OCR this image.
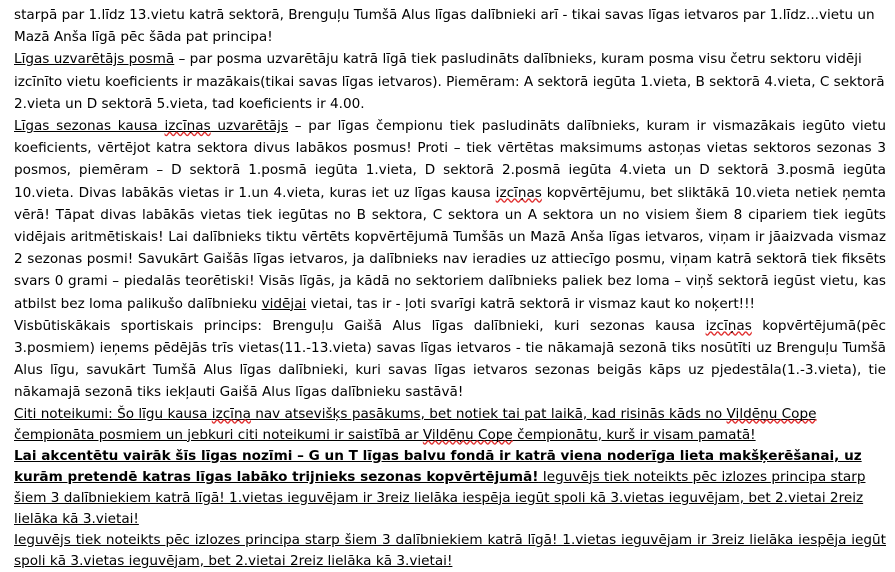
starpā par 1.līdz 13.vietu katrā sektorā, Brenguļu Tumšā Alus līgas dalībnieki arī - tikai savas līgas ietvaros par 1.līdz...vietu un Mazā Anša līgā pēc šāda pat principa!

Līgas uzvarētājs posmā – par posma uzvarētāju katrā līgā tiek pasludināts dalībnieks, kuram posma visu četru sektoru vidēji izcīnīto vietu koeficients ir mazākais(tikai savas līgas ietvaros). Piemēram: A sektorā iegūta 1.vieta, B sektorā 4.vieta, C sektorā 2.vieta un D sektorā 5.vieta, tad koeficients ir 4.00.

Līgas sezonas kausa izcīņas uzvarētājs – par līgas čempionu tiek pasludināts dalībnieks, kuram ir vismazākais iegūto vietu koeficients, vērtējot katra sektora divus labākos posmus! Proti – tiek vērtētas maksimums astoņas vietas sektoros sezonas 3 posmos, piemēram – D sektorā 1.posmā iegūta 1.vieta, D sektorā 2.posmā iegūta 4.vieta un D sektorā 3.posmā iegūta 10.vieta. Divas labākās vietas ir 1.un 4.vieta, kuras iet uz līgas kausa izcīņas kopvērtējumu, bet sliktākā 10.vieta netiek ņemta vērā! Tāpat divas labākās vietas tiek iegūtas no B sektora, C sektora un A sektora un no visiem šiem 8 cipariem tiek iegūts vidējais aritmētiskais! Lai dalībnieks tiktu vērtēts kopvērtējumā Tumšās un Mazā Anša līgas ietvaros, viņam ir jāaizvada vismaz 2 sezonas posmi! Savukārt Gaišās līgas ietvaros, ja dalībnieks nav ieradies uz attiecīgo posmu, viņam katrā sektorā tiek fiksēts svars 0 grami – piedalās teorētiski! Visās līgās, ja kādā no sektoriem dalībnieks paliek bez loma – viņš sektorā iegūst vietu, kas atbilst bez loma palikušo dalībnieku vidējai vietai, tas ir - ļoti svarīgi katrā sektorā ir vismaz kaut ko noķert!!!

Visbūtiskākais sportiskais princips: Brenguļu Gaišā Alus līgas dalībnieki, kuri sezonas kausa izcīņas kopvērtējumā(pēc 3.posmiem) ieņems pēdējās trīs vietas(11.-13.vieta) savas līgas ietvaros - tie nākamajā sezonā tiks nosūtīti uz Brenguļu Tumšā Alus līgu, savukārt Tumšā Alus līgas dalībnieki, kuri savas līgas ietvaros sezonas beigās kāps uz pjedestāla(1.-3.vieta), tie nākamajā sezonā tiks iekļauti Gaišā Alus līgas dalībnieku sastāvā!

Citi noteikumi: Šo līgu kausa izcīņa nav atsevišķs pasākums, bet notiek tai pat laikā, kad risinās kāds no Vildēņu Cope čempionāta posmiem un jebkuri citi noteikumi ir saistībā ar Vildēņu Cope čempionātu, kurš ir visam pamatā!

Lai akcentētu vairāk šīs līgas nozīmi – G un T līgas balvu fondā ir katrā viena noderīga lieta makšķerēšanai, uz kurām pretendē katras līgas labāko trijnieks sezonas kopvērtējumā! Ieguvējs tiek noteikts pēc izlozes principa starp šiem 3 dalībniekiem katrā līgā! 1.vietas ieguvējam ir 3reiz lielāka iespēja iegūt spoli kā 3.vietas ieguvējam, bet 2.vietai 2reiz lielāka kā 3.vietai!

Ieguvējs tiek noteikts pēc izlozes principa starp šiem 3 dalībniekiem katrā līgā! 1.vietas ieguvējam ir 3reiz lielāka iespēja iegūt spoli kā 3.vietas ieguvējam, bet 2.vietai 2reiz lielāka kā 3.vietai!
